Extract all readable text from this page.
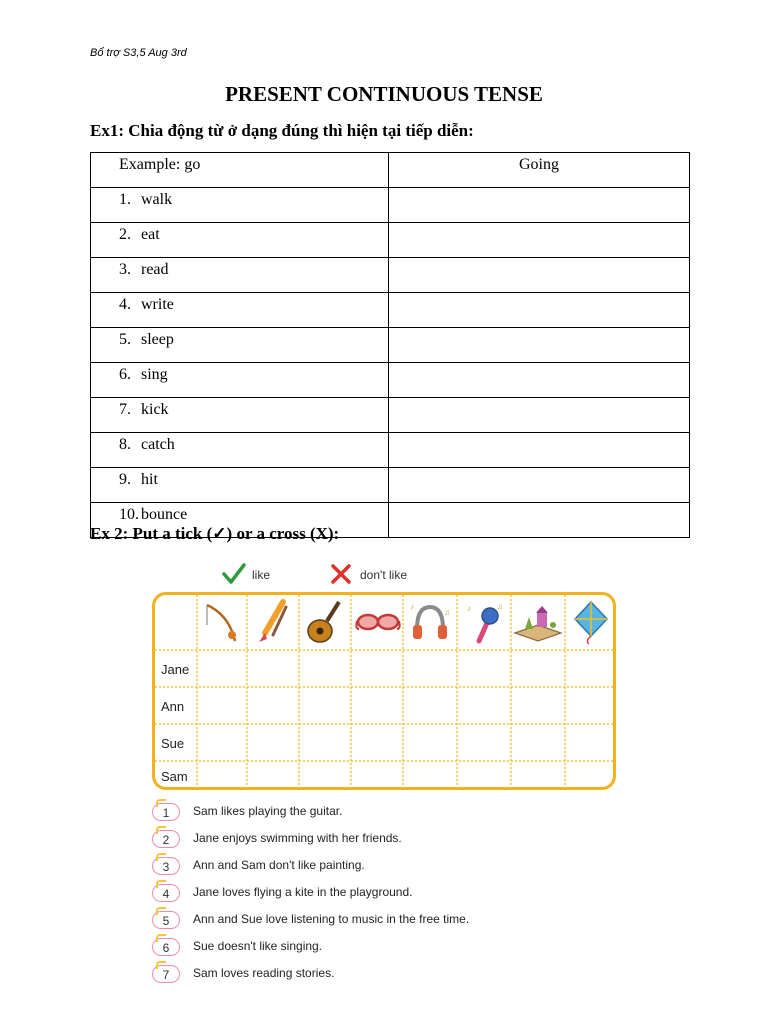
Bổ trợ S3,5 Aug 3rd
PRESENT CONTINUOUS TENSE
Ex1: Chia động từ ở dạng đúng thì hiện tại tiếp diễn:
Example: go	Going
1. walk	
2. eat	
3. read	
4. write	
5. sleep	
6. sing	
7. kick	
8. catch	
9. hit	
10. bounce	
Ex 2: Put a tick (✓) or a cross (X):
like	don't like
♪
♫ ♪	♫
Jane
Ann
Sue
Sam
1	Sam likes playing the guitar.
2	Jane enjoys swimming with her friends.
3	Ann and Sam don't like painting.
4	Jane loves flying a kite in the playground.
5	Ann and Sue love listening to music in the free time.
6	Sue doesn't like singing.
7	Sam loves reading stories.
